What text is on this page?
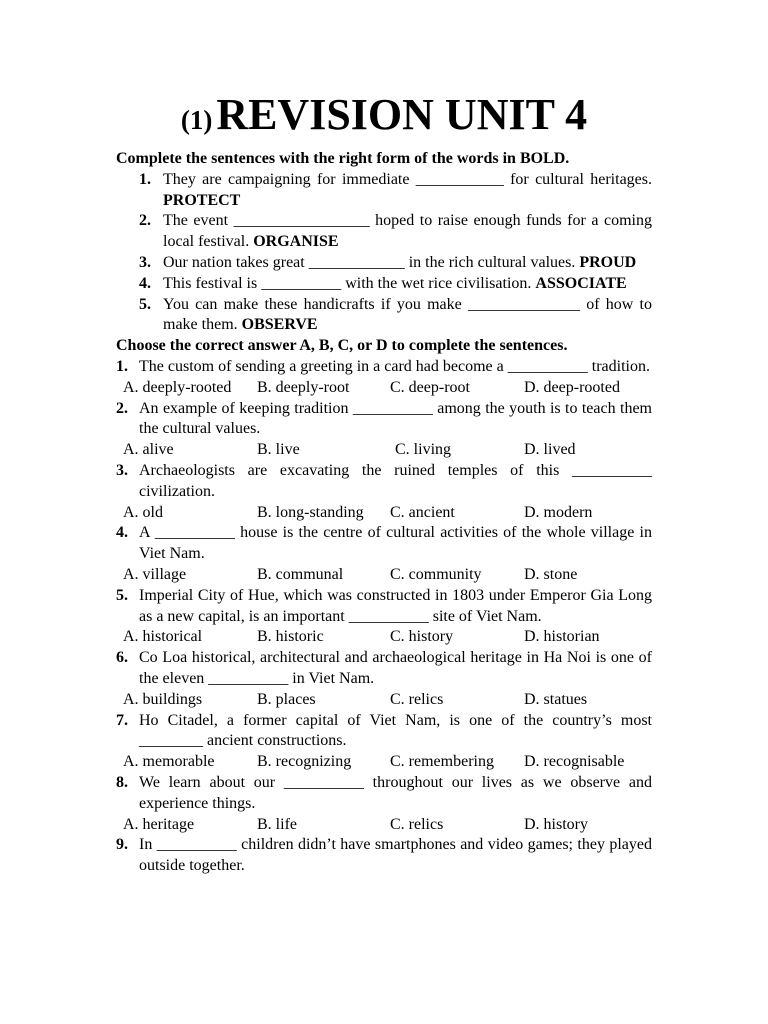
(1) REVISION UNIT 4
Complete the sentences with the right form of the words in BOLD.
1. They are campaigning for immediate ___________ for cultural heritages. PROTECT
2. The event _________________ hoped to raise enough funds for a coming local festival. ORGANISE
3. Our nation takes great ____________ in the rich cultural values. PROUD
4. This festival is __________ with the wet rice civilisation. ASSOCIATE
5. You can make these handicrafts if you make ______________ of how to make them. OBSERVE
Choose the correct answer A, B, C, or D to complete the sentences.
1. The custom of sending a greeting in a card had become a __________ tradition.
A. deeply-rooted B. deeply-root	C. deep-root	D. deep-rooted
2. An example of keeping tradition __________ among the youth is to teach them the cultural values.
A. alive	B. live	C. living	D. lived
3. Archaeologists are excavating the ruined temples of this __________ civilization.
A. old	B. long-standing C. ancient	D. modern
4. A __________ house is the centre of cultural activities of the whole village in Viet Nam.
A. village	B. communal	C. community	D. stone
5. Imperial City of Hue, which was constructed in 1803 under Emperor Gia Long as a new capital, is an important __________ site of Viet Nam.
A. historical	B. historic	C. history	D. historian
6. Co Loa historical, architectural and archaeological heritage in Ha Noi is one of the eleven __________ in Viet Nam.
A. buildings	B. places	C. relics	D. statues
7. Ho Citadel, a former capital of Viet Nam, is one of the country’s most ________ ancient constructions.
A. memorable	B. recognizing C. remembering D. recognisable
8. We learn about our __________ throughout our lives as we observe and experience things.
A. heritage	B. life	C. relics	D. history
9. In __________ children didn’t have smartphones and video games; they played outside together.
